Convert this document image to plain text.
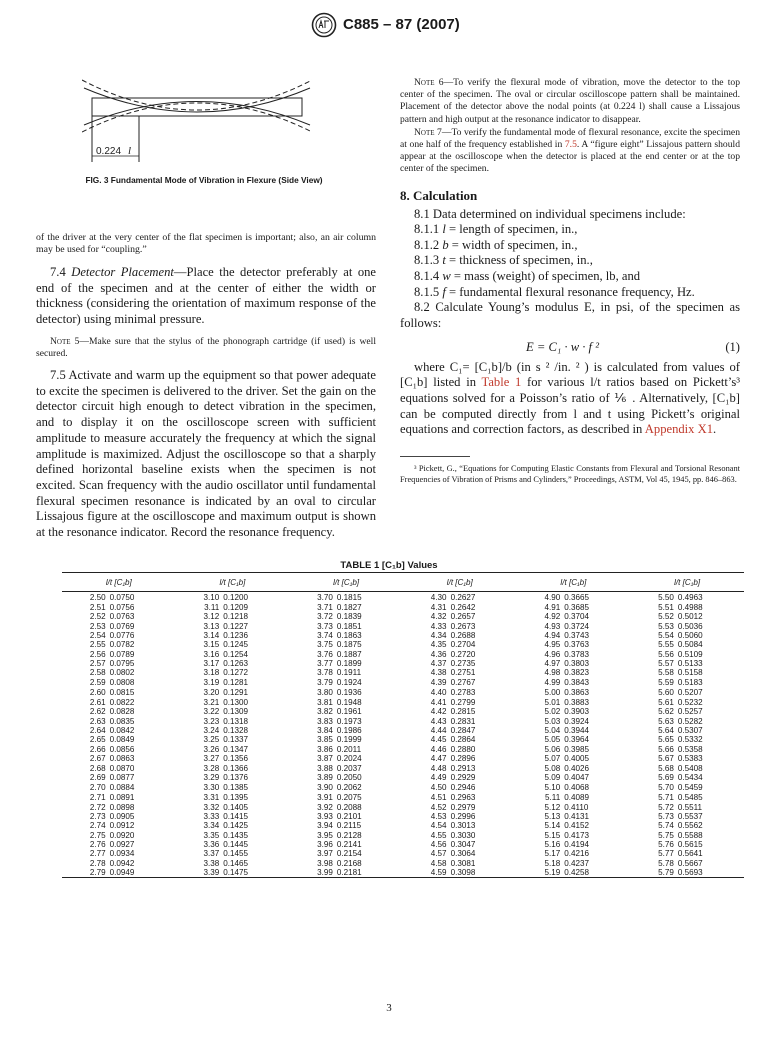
C885 – 87 (2007)
0.224 l
FIG. 3 Fundamental Mode of Vibration in Flexure (Side View)

of the driver at the very center of the flat specimen is important; also, an air column may be used for “coupling.”

7.4 Detector Placement—Place the detector preferably at one end of the specimen and at the center of either the width or thickness (considering the orientation of maximum response of the detector) using minimal pressure.

Note 5—Make sure that the stylus of the phonograph cartridge (if used) is well secured.

7.5 Activate and warm up the equipment so that power adequate to excite the specimen is delivered to the driver. Set the gain on the detector circuit high enough to detect vibration in the specimen, and to display it on the oscilloscope screen with sufficient amplitude to measure accurately the frequency at which the signal amplitude is maximized. Adjust the oscilloscope so that a sharply defined horizontal baseline exists when the specimen is not excited. Scan frequency with the audio oscillator until fundamental flexural specimen resonance is indicated by an oval to circular Lissajous figure at the oscilloscope and maximum output is shown at the resonance indicator. Record the resonance frequency.

Note 6—To verify the flexural mode of vibration, move the detector to the top center of the specimen. The oval or circular oscilloscope pattern shall be maintained. Placement of the detector above the nodal points (at 0.224 l) shall cause a Lissajous pattern and high output at the resonance indicator to disappear.

Note 7—To verify the fundamental mode of flexural resonance, excite the specimen at one half of the frequency established in 7.5. A “figure eight” Lissajous pattern should appear at the oscilloscope when the detector is placed at the end center or at the top center of the specimen.

8. Calculation
8.1 Data determined on individual specimens include:
8.1.1 l = length of specimen, in.,
8.1.2 b = width of specimen, in.,
8.1.3 t = thickness of specimen, in.,
8.1.4 w = mass (weight) of specimen, lb, and
8.1.5 f = fundamental flexural resonance frequency, Hz.

8.2 Calculate Young’s modulus E, in psi, of the specimen as follows:

E = C₁ · w · f ²	(1)

where C₁= [C₁b]/b (in s ² /in. ² ) is calculated from values of [C₁b] listed in Table 1 for various l/t ratios based on Pickett’s³ equations solved for a Poisson’s ratio of ⅙ . Alternatively, [C₁b] can be computed directly from l and t using Pickett’s original equations and correction factors, as described in Appendix X1.

³ Pickett, G., “Equations for Computing Elastic Constants from Flexural and Torsional Resonant Frequencies of Vibration of Prisms and Cylinders,” Proceedings, ASTM, Vol 45, 1945, pp. 846–863.

TABLE 1 [C₁b] Values
l/t [C₁b]		l/t [C₁b]		l/t [C₁b]		l/t [C₁b]		l/t [C₁b]		l/t [C₁b]	
2.50	0.0750	3.10	0.1200	3.70	0.1815	4.30	0.2627	4.90	0.3665	5.50	0.4963
2.51	0.0756	3.11	0.1209	3.71	0.1827	4.31	0.2642	4.91	0.3685	5.51	0.4988
2.52	0.0763	3.12	0.1218	3.72	0.1839	4.32	0.2657	4.92	0.3704	5.52	0.5012
2.53	0.0769	3.13	0.1227	3.73	0.1851	4.33	0.2673	4.93	0.3724	5.53	0.5036
2.54	0.0776	3.14	0.1236	3.74	0.1863	4.34	0.2688	4.94	0.3743	5.54	0.5060
2.55	0.0782	3.15	0.1245	3.75	0.1875	4.35	0.2704	4.95	0.3763	5.55	0.5084
2.56	0.0789	3.16	0.1254	3.76	0.1887	4.36	0.2720	4.96	0.3783	5.56	0.5109
2.57	0.0795	3.17	0.1263	3.77	0.1899	4.37	0.2735	4.97	0.3803	5.57	0.5133
2.58	0.0802	3.18	0.1272	3.78	0.1911	4.38	0.2751	4.98	0.3823	5.58	0.5158
2.59	0.0808	3.19	0.1281	3.79	0.1924	4.39	0.2767	4.99	0.3843	5.59	0.5183
2.60	0.0815	3.20	0.1291	3.80	0.1936	4.40	0.2783	5.00	0.3863	5.60	0.5207
2.61	0.0822	3.21	0.1300	3.81	0.1948	4.41	0.2799	5.01	0.3883	5.61	0.5232
2.62	0.0828	3.22	0.1309	3.82	0.1961	4.42	0.2815	5.02	0.3903	5.62	0.5257
2.63	0.0835	3.23	0.1318	3.83	0.1973	4.43	0.2831	5.03	0.3924	5.63	0.5282
2.64	0.0842	3.24	0.1328	3.84	0.1986	4.44	0.2847	5.04	0.3944	5.64	0.5307
2.65	0.0849	3.25	0.1337	3.85	0.1999	4.45	0.2864	5.05	0.3964	5.65	0.5332
2.66	0.0856	3.26	0.1347	3.86	0.2011	4.46	0.2880	5.06	0.3985	5.66	0.5358
2.67	0.0863	3.27	0.1356	3.87	0.2024	4.47	0.2896	5.07	0.4005	5.67	0.5383
2.68	0.0870	3.28	0.1366	3.88	0.2037	4.48	0.2913	5.08	0.4026	5.68	0.5408
2.69	0.0877	3.29	0.1376	3.89	0.2050	4.49	0.2929	5.09	0.4047	5.69	0.5434
2.70	0.0884	3.30	0.1385	3.90	0.2062	4.50	0.2946	5.10	0.4068	5.70	0.5459
2.71	0.0891	3.31	0.1395	3.91	0.2075	4.51	0.2963	5.11	0.4089	5.71	0.5485
2.72	0.0898	3.32	0.1405	3.92	0.2088	4.52	0.2979	5.12	0.4110	5.72	0.5511
2.73	0.0905	3.33	0.1415	3.93	0.2101	4.53	0.2996	5.13	0.4131	5.73	0.5537
2.74	0.0912	3.34	0.1425	3.94	0.2115	4.54	0.3013	5.14	0.4152	5.74	0.5562
2.75	0.0920	3.35	0.1435	3.95	0.2128	4.55	0.3030	5.15	0.4173	5.75	0.5588
2.76	0.0927	3.36	0.1445	3.96	0.2141	4.56	0.3047	5.16	0.4194	5.76	0.5615
2.77	0.0934	3.37	0.1455	3.97	0.2154	4.57	0.3064	5.17	0.4216	5.77	0.5641
2.78	0.0942	3.38	0.1465	3.98	0.2168	4.58	0.3081	5.18	0.4237	5.78	0.5667
2.79	0.0949	3.39	0.1475	3.99	0.2181	4.59	0.3098	5.19	0.4258	5.79	0.5693
3
